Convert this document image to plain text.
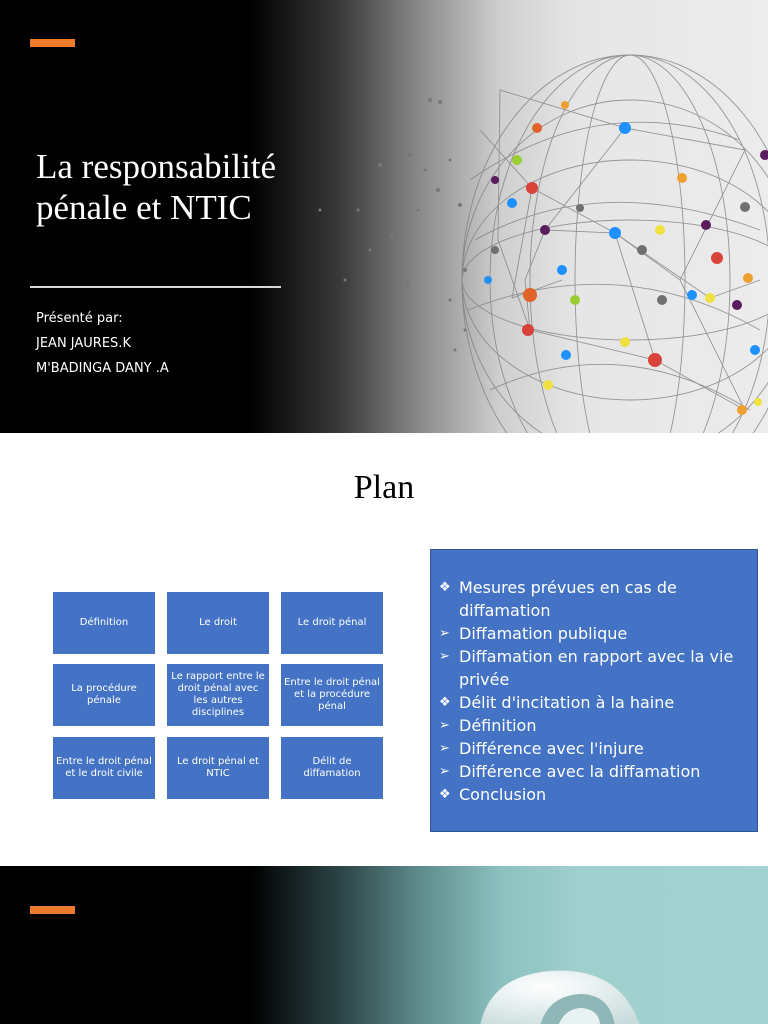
La responsabilité pénale et NTIC
Présenté par:
JEAN JAURES.K
M'BADINGA DANY .A
Plan
Définition	Le droit	Le droit pénal
La procédure pénale
Le rapport entre le droit pénal avec les autres disciplines
Entre le droit pénal et la procédure pénal
Entre le droit pénal et le droit civile
Le droit pénal et NTIC
Délit de diffamation
❖ Mesures prévues en cas de diffamation
➢ Diffamation publique
➢ Diffamation en rapport avec la vie privée
❖ Délit d'incitation à la haine
➢ Définition
➢ Différence avec l'injure
➢ Différence avec la diffamation
❖ Conclusion
